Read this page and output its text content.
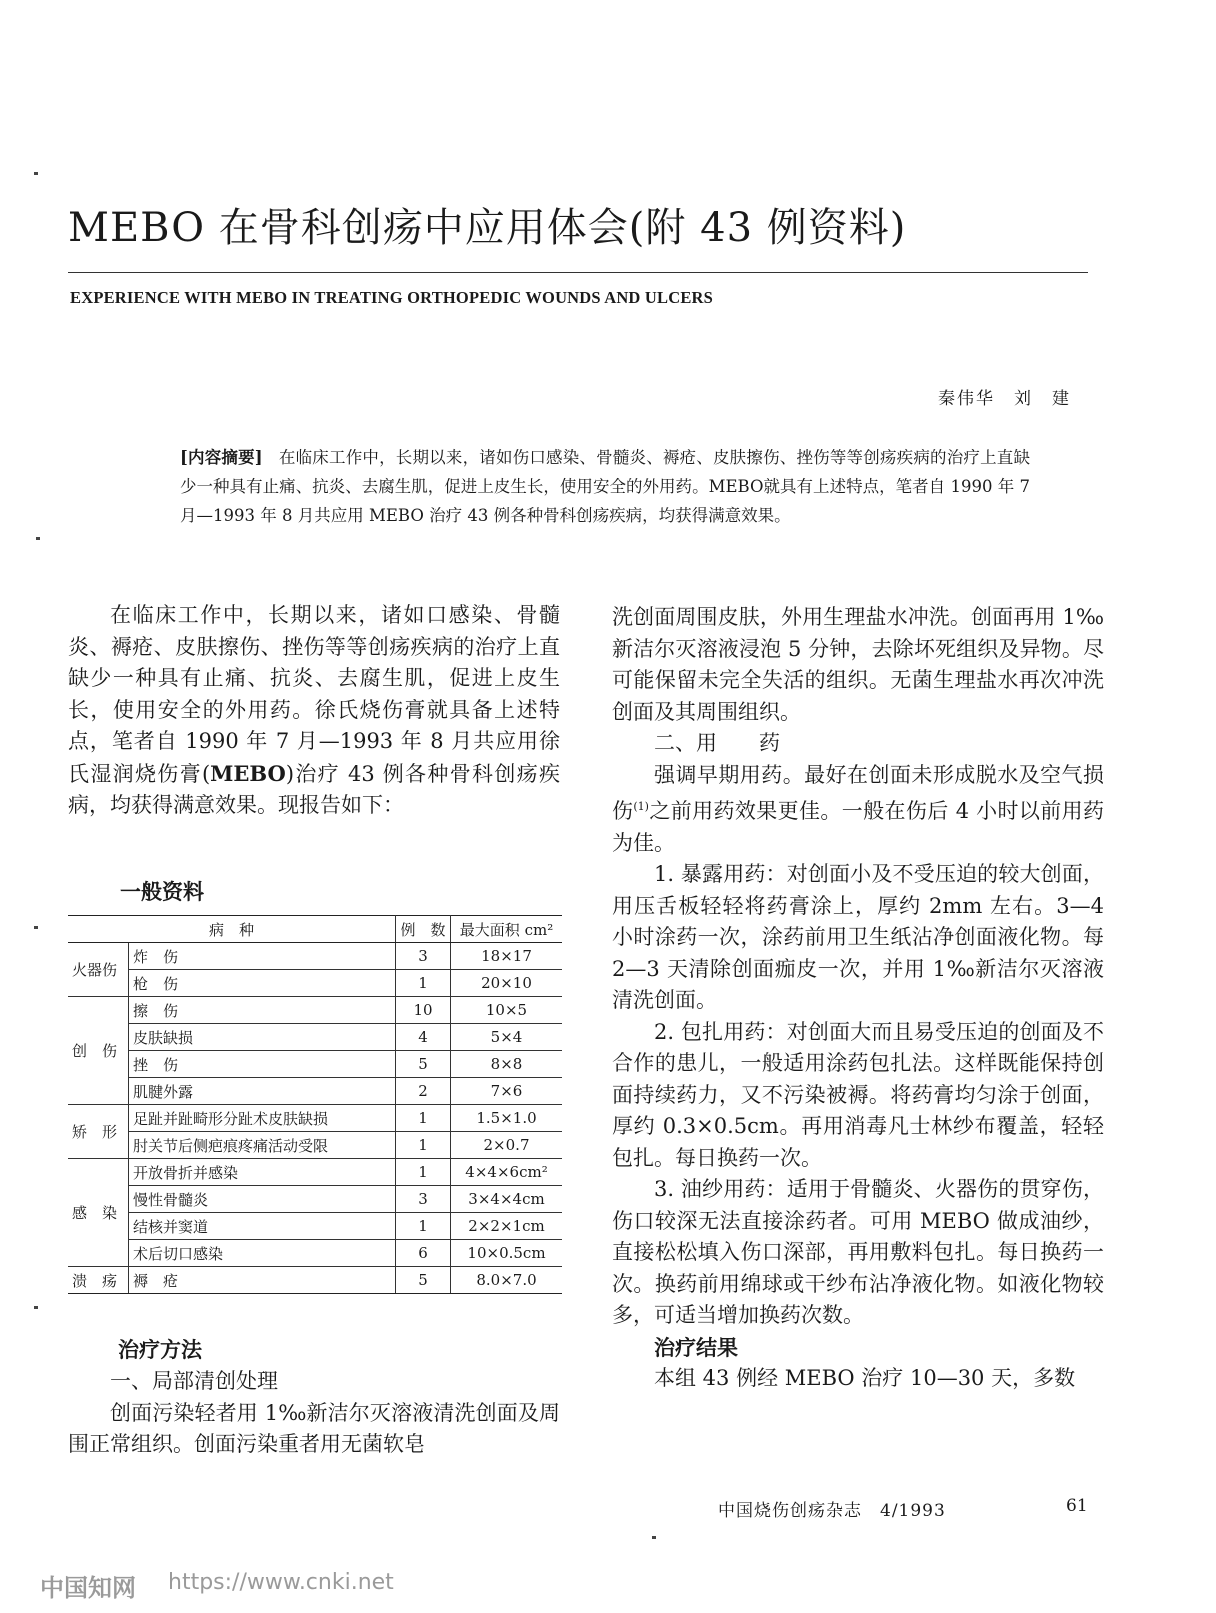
MEBO 在骨科创疡中应用体会(附 43 例资料)
EXPERIENCE WITH MEBO IN TREATING ORTHOPEDIC WOUNDS AND ULCERS
秦伟华　刘　建
[内容摘要] 在临床工作中，长期以来，诸如伤口感染、骨髓炎、褥疮、皮肤擦伤、挫伤等等创疡疾病的治疗上直缺少一种具有止痛、抗炎、去腐生肌，促进上皮生长，使用安全的外用药。MEBO就具有上述特点，笔者自 1990 年 7 月—1993 年 8 月共应用 MEBO 治疗 43 例各种骨科创疡疾病，均获得满意效果。

在临床工作中，长期以来，诸如口感染、骨髓炎、褥疮、皮肤擦伤、挫伤等等创疡疾病的治疗上直缺少一种具有止痛、抗炎、去腐生肌，促进上皮生长，使用安全的外用药。徐氏烧伤膏就具备上述特点，笔者自 1990 年 7 月—1993 年 8 月共应用徐氏湿润烧伤膏(MEBO)治疗 43 例各种骨科创疡疾病，均获得满意效果。现报告如下：

一般资料
病　种		例　数	最大面积 cm²
火器伤	炸　伤	3	18×17
	枪　伤	1	20×10
创　伤	擦　伤	10	10×5
	皮肤缺损	4	5×4
	挫　伤	5	8×8
	肌腱外露	2	7×6
矫　形	足趾并趾畸形分趾术皮肤缺损	1	1.5×1.0
	肘关节后侧疤痕疼痛活动受限	1	2×0.7
感　染	开放骨折并感染	1	4×4×6cm²
	慢性骨髓炎	3	3×4×4cm
	结核并窦道	1	2×2×1cm
	术后切口感染	6	10×0.5cm
溃　疡	褥　疮	5	8.0×7.0
治疗方法

一、局部清创处理

创面污染轻者用 1‰新洁尔灭溶液清洗创面及周围正常组织。创面污染重者用无菌软皂

洗创面周围皮肤，外用生理盐水冲洗。创面再用 1‰新洁尔灭溶液浸泡 5 分钟，去除坏死组织及异物。尽可能保留未完全失活的组织。无菌生理盐水再次冲洗创面及其周围组织。

二、用　　药

强调早期用药。最好在创面未形成脱水及空气损伤$^{(1)}$之前用药效果更佳。一般在伤后 4 小时以前用药为佳。

1. 暴露用药：对创面小及不受压迫的较大创面，用压舌板轻轻将药膏涂上，厚约 2mm 左右。3—4 小时涂药一次，涂药前用卫生纸沾净创面液化物。每 2—3 天清除创面痂皮一次，并用 1‰新洁尔灭溶液清洗创面。

2. 包扎用药：对创面大而且易受压迫的创面及不合作的患儿，一般适用涂药包扎法。这样既能保持创面持续药力，又不污染被褥。将药膏均匀涂于创面，厚约 0.3×0.5cm。再用消毒凡士林纱布覆盖，轻轻包扎。每日换药一次。

3. 油纱用药：适用于骨髓炎、火器伤的贯穿伤，伤口较深无法直接涂药者。可用 MEBO 做成油纱，直接松松填入伤口深部，再用敷料包扎。每日换药一次。换药前用绵球或干纱布沾净液化物。如液化物较多，可适当增加换药次数。

治疗结果

本组 43 例经 MEBO 治疗 10—30 天，多数

中国烧伤创疡杂志　4/1993	61
中国知网 https://www.cnki.net
